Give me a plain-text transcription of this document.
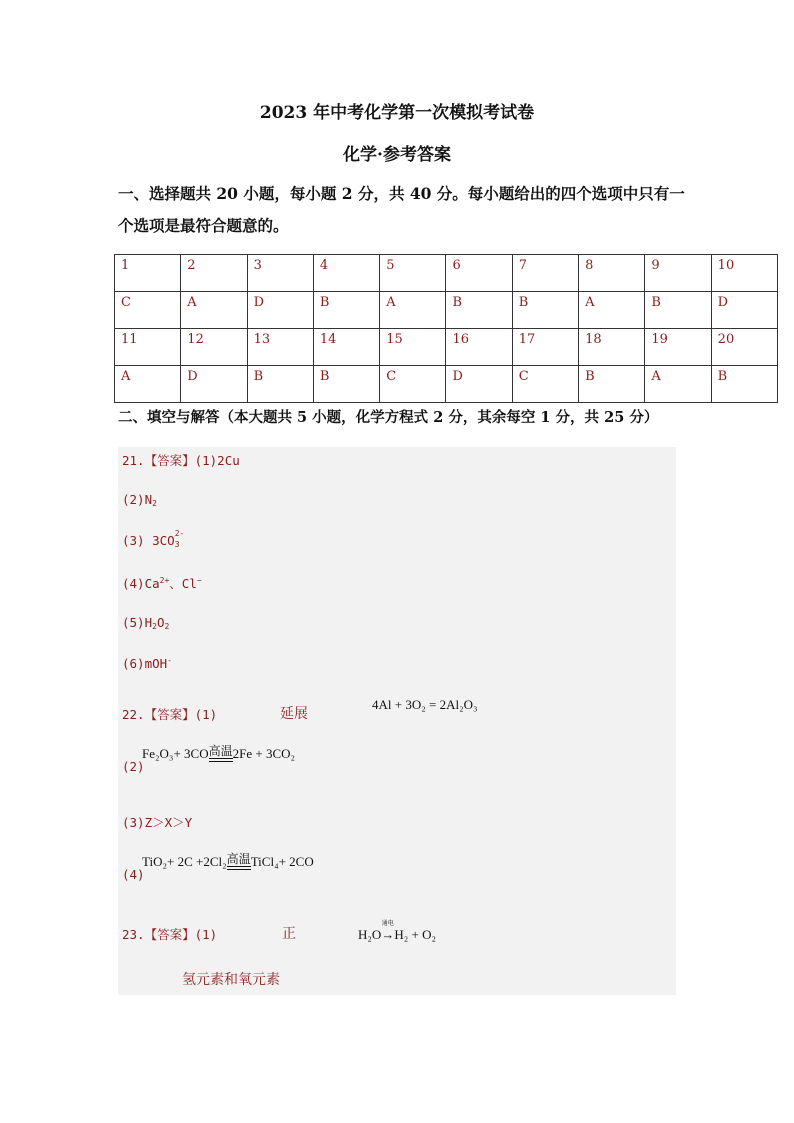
2023 年中考化学第一次模拟考试卷
化学·参考答案
一、选择题共 20 小题，每小题 2 分，共 40 分。每小题给出的四个选项中只有一
个选项是最符合题意的。
1	2	3	4	5	6	7	8	9	10
C	A	D	B	A	B	B	A	B	D
11	12	13	14	15	16	17	18	19	20
A	D	B	B	C	D	C	B	A	B
二、填空与解答（本大题共 5 小题，化学方程式 2 分，其余每空 1 分，共 25 分）
21.【答案】(1)2Cu
$(2)N_2$
(3) 3CO 2-
$_3$
$(4)Ca^{2+}$、Cl−
$(5)H_2O_2$
(6)mOH-
22.【答案】(1)	延展
4Al + 3O₂ = 2Al₂O₃
(2)
Fe₂O₃+ 3CO 高温 2Fe + 3CO₂
(3)Z＞X＞Y
(4)
TiO₂+ 2C +2Cl₂ 高温 TiCl₄+ 2CO
23.【答案】(1)	正	H₂O
通电
→H₂ + O₂
氢元素和氧元素
